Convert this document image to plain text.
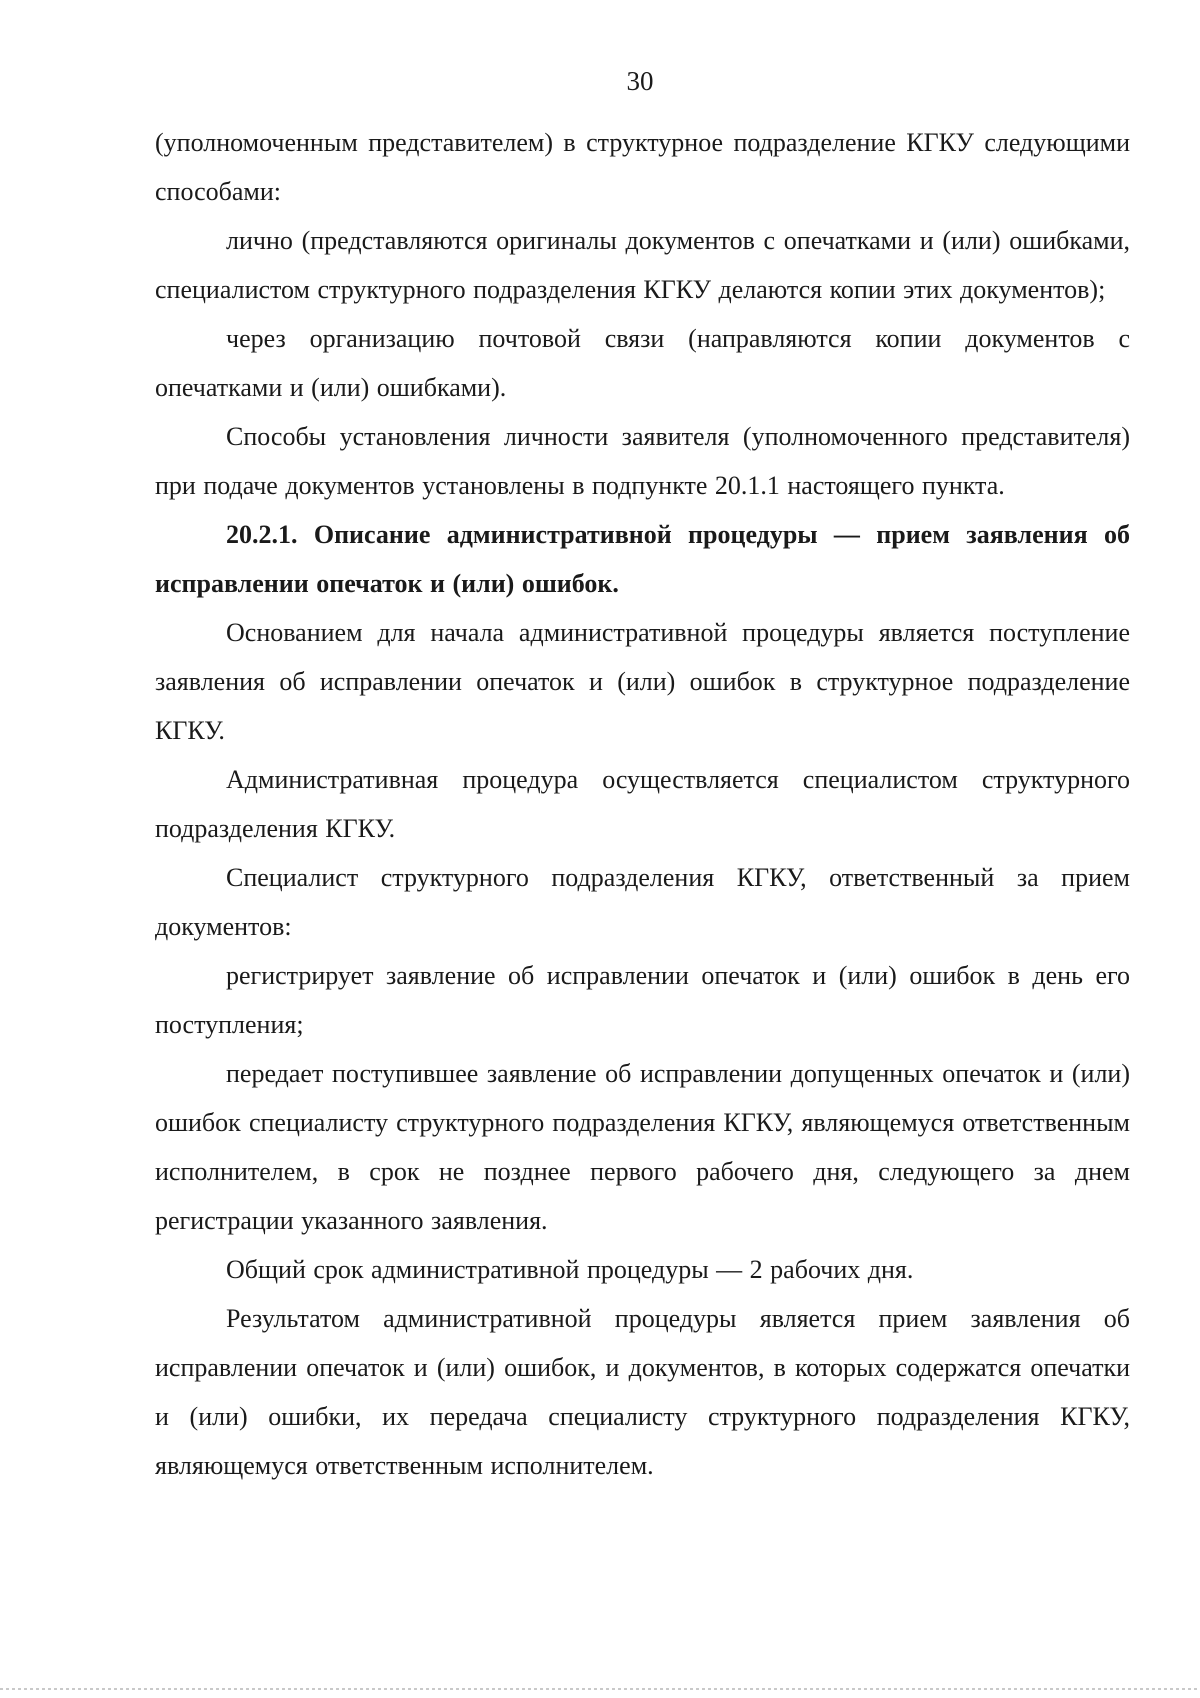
30

(уполномоченным представителем) в структурное подразделение КГКУ следующими способами:

лично (представляются оригиналы документов с опечатками и (или) ошибками, специалистом структурного подразделения КГКУ делаются копии этих документов);

через организацию почтовой связи (направляются копии документов с опечатками и (или) ошибками).

Способы установления личности заявителя (уполномоченного представителя) при подаче документов установлены в подпункте 20.1.1 настоящего пункта.

20.2.1. Описание административной процедуры — прием заявления об исправлении опечаток и (или) ошибок.

Основанием для начала административной процедуры является поступление заявления об исправлении опечаток и (или) ошибок в структурное подразделение КГКУ.

Административная процедура осуществляется специалистом структурного подразделения КГКУ.

Специалист структурного подразделения КГКУ, ответственный за прием документов:

регистрирует заявление об исправлении опечаток и (или) ошибок в день его поступления;

передает поступившее заявление об исправлении допущенных опечаток и (или) ошибок специалисту структурного подразделения КГКУ, являющемуся ответственным исполнителем, в срок не позднее первого рабочего дня, следующего за днем регистрации указанного заявления.

Общий срок административной процедуры — 2 рабочих дня.

Результатом административной процедуры является прием заявления об исправлении опечаток и (или) ошибок, и документов, в которых содержатся опечатки и (или) ошибки, их передача специалисту структурного подразделения КГКУ, являющемуся ответственным исполнителем.
